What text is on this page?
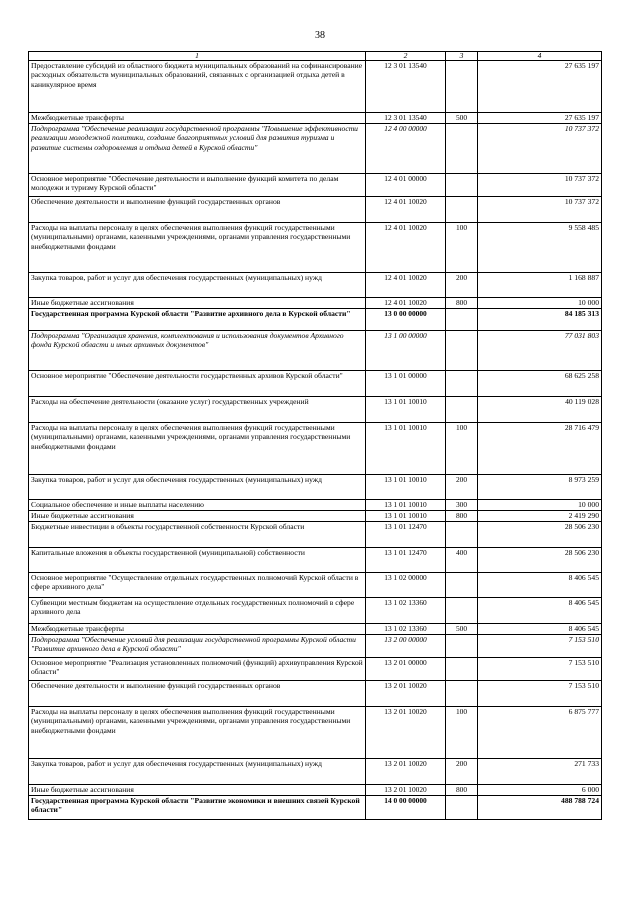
38
1	2	3	4
Предоставление субсидий из областного бюджета муниципальных образований на софинансирование расходных обязательств муниципальных образований, связанных с организацией отдыха детей в каникулярное время	12 3 01 13540		27 635 197
Межбюджетные трансферты	12 3 01 13540	500	27 635 197
Подпрограмма "Обеспечение реализации государственной программы "Повышение эффективности реализации молодежной политики, создание благоприятных условий для развития туризма и развитие системы оздоровления и отдыха детей в Курской области"	12 4 00 00000		10 737 372
Основное мероприятие "Обеспечение деятельности и выполнение функций комитета по делам молодежи и туризму Курской области"	12 4 01 00000		10 737 372
Обеспечение деятельности и выполнение функций государственных органов	12 4 01 10020		10 737 372
Расходы на выплаты персоналу в целях обеспечения выполнения функций государственными (муниципальными) органами, казенными учреждениями, органами управления государственными внебюджетными фондами	12 4 01 10020	100	9 558 485
Закупка товаров, работ и услуг для обеспечения государственных (муниципальных) нужд	12 4 01 10020	200	1 168 887
Иные бюджетные ассигнования	12 4 01 10020	800	10 000
Государственная программа Курской области "Развитие архивного дела в Курской области"	13 0 00 00000		84 185 313
Подпрограмма "Организация хранения, комплектования и использования документов Архивного фонда Курской области и иных архивных документов"	13 1 00 00000		77 031 803
Основное мероприятие "Обеспечение деятельности государственных архивов Курской области"	13 1 01 00000		68 625 258
Расходы на обеспечение деятельности (оказание услуг) государственных учреждений	13 1 01 10010		40 119 028
Расходы на выплаты персоналу в целях обеспечения выполнения функций государственными (муниципальными) органами, казенными учреждениями, органами управления государственными внебюджетными фондами	13 1 01 10010	100	28 716 479
Закупка товаров, работ и услуг для обеспечения государственных (муниципальных) нужд	13 1 01 10010	200	8 973 259
Социальное обеспечение и иные выплаты населению	13 1 01 10010	300	10 000
Иные бюджетные ассигнования	13 1 01 10010	800	2 419 290
Бюджетные инвестиции в объекты государственной собственности Курской области	13 1 01 12470		28 506 230
Капитальные вложения в объекты государственной (муниципальной) собственности	13 1 01 12470	400	28 506 230
Основное мероприятие "Осуществление отдельных государственных полномочий Курской области в сфере архивного дела"	13 1 02 00000		8 406 545
Субвенции местным бюджетам на осуществление отдельных государственных полномочий в сфере архивного дела	13 1 02 13360		8 406 545
Межбюджетные трансферты	13 1 02 13360	500	8 406 545
Подпрограмма "Обеспечение условий для реализации государственной программы Курской области "Развитие архивного дела в Курской области"	13 2 00 00000		7 153 510
Основное мероприятие "Реализация установленных полномочий (функций) архивуправления Курской области"	13 2 01 00000		7 153 510
Обеспечение деятельности и выполнение функций государственных органов	13 2 01 10020		7 153 510
Расходы на выплаты персоналу в целях обеспечения выполнения функций государственными (муниципальными) органами, казенными учреждениями, органами управления государственными внебюджетными фондами	13 2 01 10020	100	6 875 777
Закупка товаров, работ и услуг для обеспечения государственных (муниципальных) нужд	13 2 01 10020	200	271 733
Иные бюджетные ассигнования	13 2 01 10020	800	6 000
Государственная программа Курской области "Развитие экономики и внешних связей Курской области"	14 0 00 00000		488 788 724
